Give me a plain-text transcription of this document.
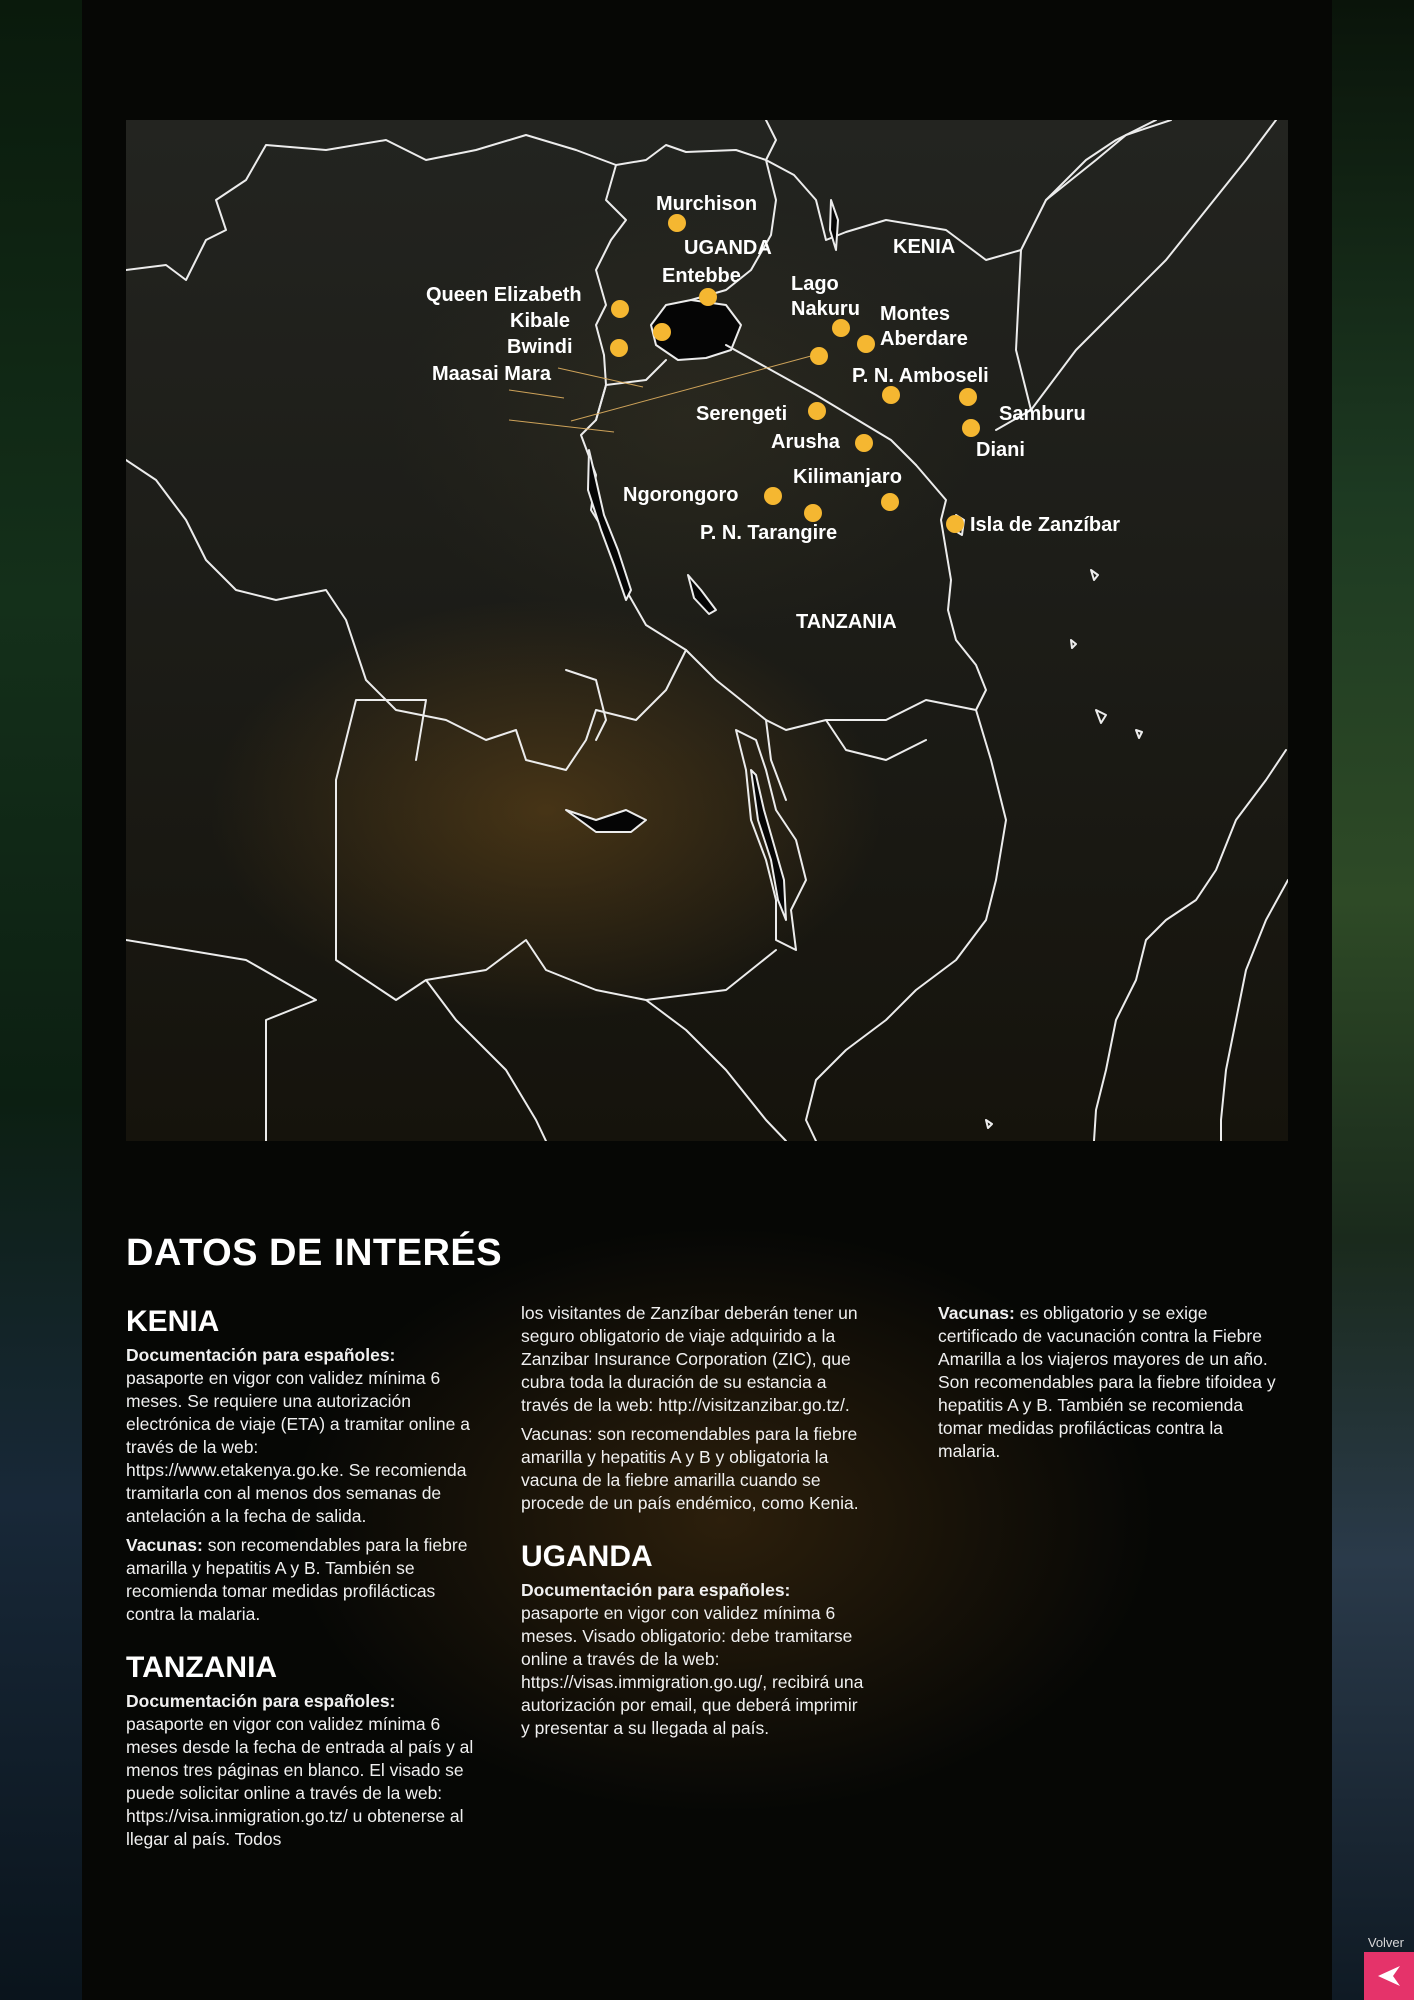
UGANDA	KENIA
TANZANIA
Murchison
Entebbe
Queen Elizabeth
Kibale
Bwindi
Maasai Mara
Lago Nakuru Montes Aberdare
P. N. Amboseli
Samburu
Diani
Serengeti
Arusha
Kilimanjaro
Ngorongoro
P. N. Tarangire	Isla de Zanzíbar
DATOS DE INTERÉS
KENIA

Documentación para españoles:
pasaporte en vigor con validez mínima 6 meses. Se requiere una autorización electrónica de viaje (ETA) a tramitar online a través de la web: https://www.etakenya.go.ke. Se recomienda tramitarla con al menos dos semanas de antelación a la fecha de salida.

Vacunas: son recomendables para la fiebre amarilla y hepatitis A y B. También se recomienda tomar medidas profilácticas contra la malaria.

TANZANIA

Documentación para españoles:
pasaporte en vigor con validez mínima 6 meses desde la fecha de entrada al país y al menos tres páginas en blanco. El visado se puede solicitar online a través de la web: https://visa.inmigration.go.tz/ u obtenerse al llegar al país. Todos

los visitantes de Zanzíbar deberán tener un seguro obligatorio de viaje adquirido a la Zanzibar Insurance Corporation (ZIC), que cubra toda la duración de su estancia a través de la web: http://visitzanzibar.go.tz/.

Vacunas: son recomendables para la fiebre amarilla y hepatitis A y B y obligatoria la vacuna de la fiebre amarilla cuando se procede de un país endémico, como Kenia.

UGANDA

Documentación para españoles:
pasaporte en vigor con validez mínima 6 meses. Visado obligatorio: debe tramitarse online a través de la web: https://visas.immigration.go.ug/, recibirá una autorización por email, que deberá imprimir y presentar a su llegada al país.

Vacunas: es obligatorio y se exige certificado de vacunación contra la Fiebre Amarilla a los viajeros mayores de un año. Son recomendables para la fiebre tifoidea y hepatitis A y B. También se recomienda tomar medidas profilácticas contra la malaria.

Volver
